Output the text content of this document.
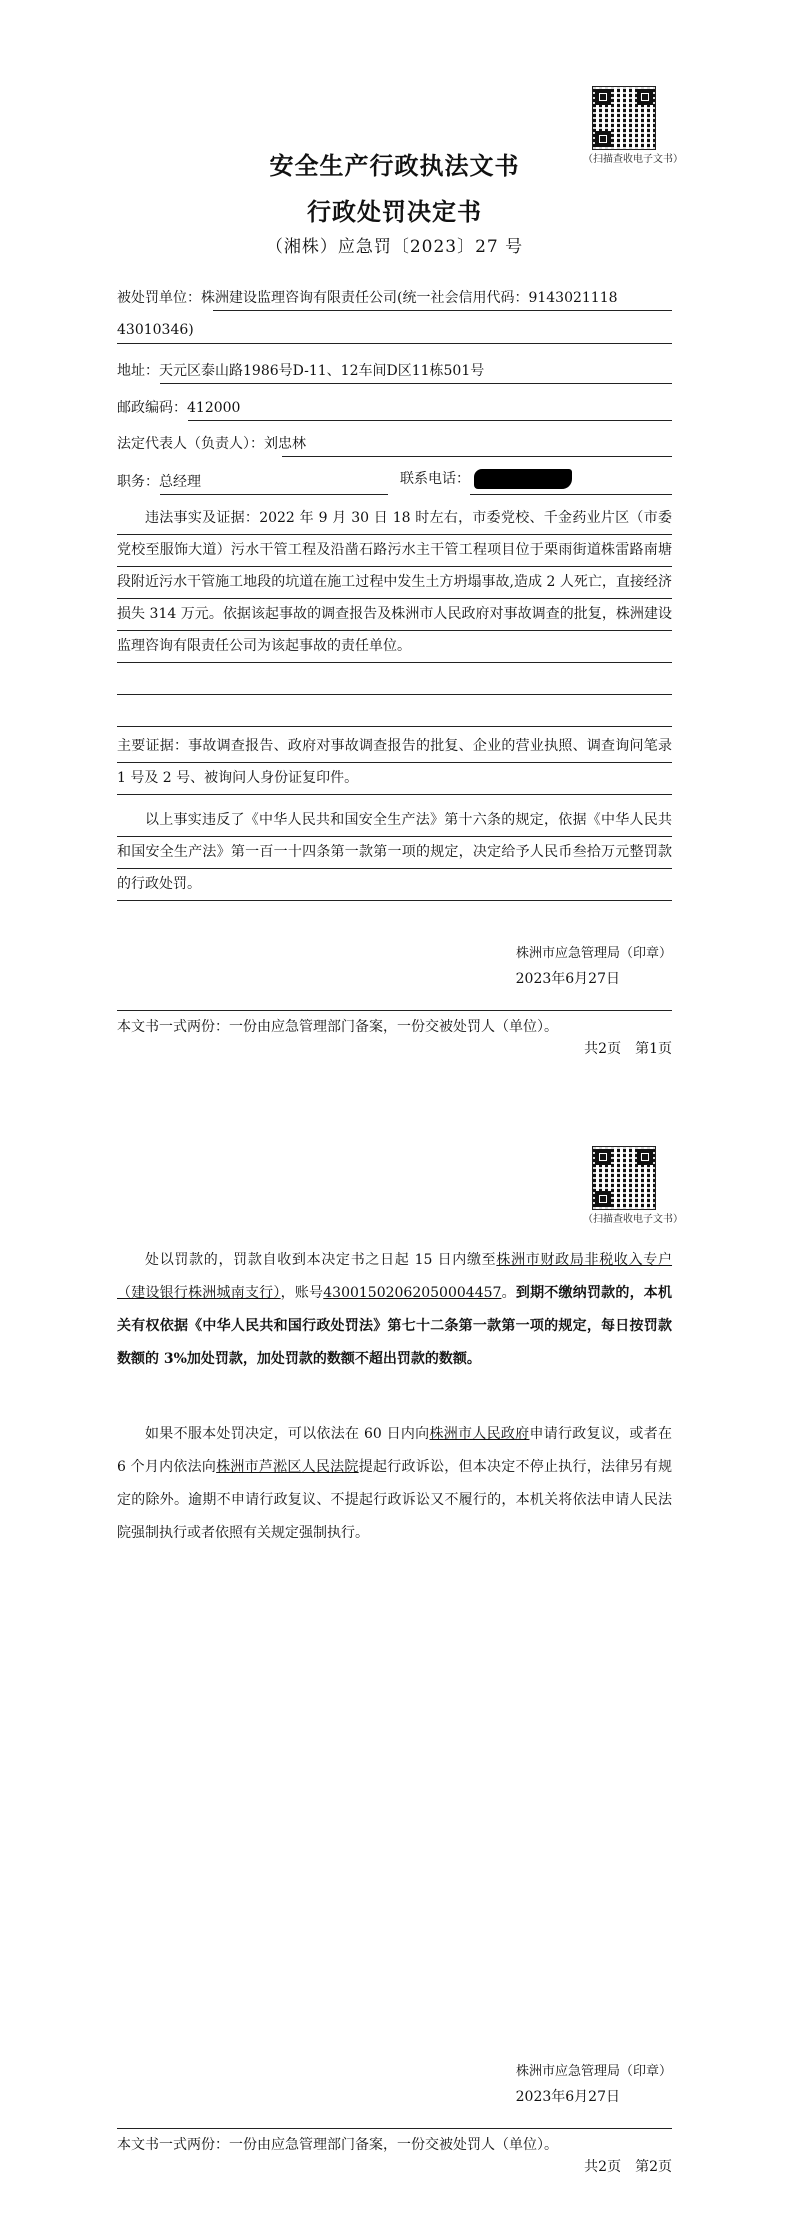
（扫描查收电子文书）
安全生产行政执法文书
行政处罚决定书
（湘株）应急罚〔2023〕27 号
被处罚单位：株洲建设监理咨询有限责任公司(统一社会信用代码：9143021118
43010346)
地址：天元区泰山路1986号D-11、12车间D区11栋501号
邮政编码：412000
法定代表人（负责人）：刘忠林
职务：总经理	联系电话：
违法事实及证据：2022 年 9 月 30 日 18 时左右，市委党校、千金药业片区（市委党校至服饰大道）污水干管工程及沿凿石路污水主干管工程项目位于栗雨街道株雷路南塘段附近污水干管施工地段的坑道在施工过程中发生土方坍塌事故,造成 2 人死亡，直接经济损失 314 万元。依据该起事故的调查报告及株洲市人民政府对事故调查的批复，株洲建设监理咨询有限责任公司为该起事故的责任单位。
主要证据：事故调查报告、政府对事故调查报告的批复、企业的营业执照、调查询问笔录 1 号及 2 号、被询问人身份证复印件。
以上事实违反了《中华人民共和国安全生产法》第十六条的规定，依据《中华人民共和国安全生产法》第一百一十四条第一款第一项的规定，决定给予人民币叁拾万元整罚款的行政处罚。
株洲市应急管理局（印章）
2023年6月27日
本文书一式两份：一份由应急管理部门备案，一份交被处罚人（单位）。
共2页　第1页
（扫描查收电子文书）
处以罚款的，罚款自收到本决定书之日起 15 日内缴至株洲市财政局非税收入专户（建设银行株洲城南支行），账号43001502062050004457。到期不缴纳罚款的，本机关有权依据《中华人民共和国行政处罚法》第七十二条第一款第一项的规定，每日按罚款数额的 3%加处罚款，加处罚款的数额不超出罚款的数额。
如果不服本处罚决定，可以依法在 60 日内向株洲市人民政府申请行政复议，或者在 6 个月内依法向株洲市芦淞区人民法院提起行政诉讼，但本决定不停止执行，法律另有规定的除外。逾期不申请行政复议、不提起行政诉讼又不履行的，本机关将依法申请人民法院强制执行或者依照有关规定强制执行。
株洲市应急管理局（印章）
2023年6月27日
本文书一式两份：一份由应急管理部门备案，一份交被处罚人（单位）。
共2页　第2页
